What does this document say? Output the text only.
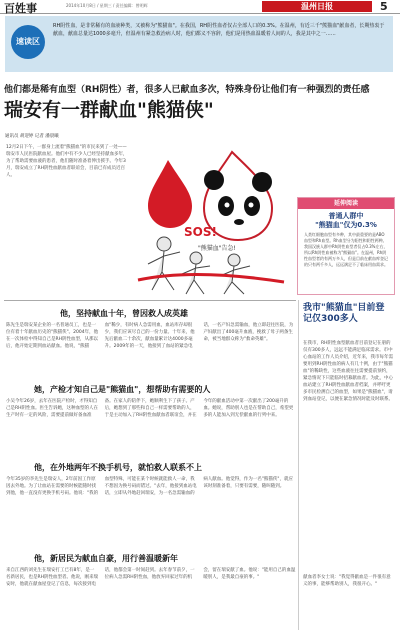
百姓事	2014年10月8日 / 星期三 / 责任编辑：曾明辉	温州日报	5
速读区
RH阴性血，是非常稀有的血液种类，又被称为"熊猫血"。在我国，RH阴性血者仅占全部人口的0.3%。在温州，有近三千"熊猫血"献血者，长期热衷于献血，献血总量达1000多毫升，但温州有紧急救治病人时，他们都义不容辞，他们是用热血温暖着人间的人，我是其中之一……
他们都是稀有血型（RH阴性）者，很多人已献血多次，特殊身份让他们有一种强烈的责任感
瑞安有一群献血"熊猫侠"
通讯员 胡迎婷 记者 潘晨曦
12月2日下午，一群身上流着"熊猫血"的市民来到了一处——瑞安市人民医院献血屋。他们中有不少人已经坚持献血多年，为了帮助需要血液的患者，他们随时准备着伸出援手。今年3月，瑞安成立了RH阴性血献血者联谊会，目前已有成员近百人。
SOS!
"熊猫血"告急!
延伸阅读
普通人群中
"熊猫血"仅为0.3%
人类红细胞血型有多种，其中最重要的是ABO血型和Rh血型。Rh血型分为阳性和阴性两种。我国汉族人群中Rh阴性血型者仅占0.3%左右，所以Rh阴性血被称为"熊猫血"。在温州，Rh阴性血型者约有两万多人，但是目前在献血库登记的只有两千多人，远远满足不了临床用血需求。
他，坚持献血十年，曾因救人成英雄
陈先生是瑞安某企业的一名普通员工，也是一位有着十年献血历史的"熊猫侠"。2004年，他在一次体检中得知自己是RH阴性血型，从那以后，他开始定期到血站献血。他说，"熊猫血"稀少，有时病人急需用血，血站库存却很少，我们应该尽自己的一份力量。十年来，他先后献血二十余次，献血量累计达4000多毫升。2009年的一天，他接到了血站的紧急电话，一名产妇急需输血，他立即赶往医院，为产妇献出了400毫升血液，挽救了母子两条生命，被当地群众称为"救命英雄"。
她，产检才知自己是"熊猫血"，想帮助有需要的人
小吴今年26岁，去年在医院产检时，才得知自己是RH阴性血。医生告诉她，这种血型的人在生产时有一定的风险，需要提前做好备血准备。在家人的陪伴下，她顺利生下了孩子。产后，她想到了那些和自己一样需要帮助的人，于是主动加入了RH阴性血献血者联谊会，并在今年的献血活动中第一次献出了200毫升的血。她说，帮助别人也是在帮助自己，希望更多的人能加入到无偿献血的行列中来。
他，在外地两年不换手机号，就怕救人联系不上
今年35岁的李先生是瑞安人，2年前因工作原因去外地。为了让血站在需要的时候能随时找到他，他一直没有更换手机号码。他说："我的血型特殊，可能在某个时候就能救人一命，我不想因为换号码而错过。"去年，他接到血站电话，立即从外地赶回瑞安，为一名急需输血的病人献血。他觉得，作为一名"熊猫侠"，就应该时刻准备着，只要有需要，随叫随到。
他，新居民为献血自豪，用行善温暖新年
来自江西的刘先生在瑞安打工已有8年，是一名新居民，也是RH阴性血型者。他说，刚来瑞安时，他就在献血屋登记了信息，每次接到电话，他都会第一时间赶到。去年春节前夕，一位病人急需RH阴性血，他放弃回家过年的机会，留在瑞安献了血。他说："能用自己的血温暖别人，是我最自豪的事。"
我市"熊猫血"目前登记仅300多人
在我市，RH阴性血型献血者目前登记在册的仅有300多人，远远不能满足临床需求。市中心血站的工作人员介绍，近年来，我市每年需要用到RH阴性血的病人有几十例，由于"熊猫血"的稀缺性，这些血液往往需要提前预约，紧急情况下只能临时招募献血者。为此，中心血站建立了RH阴性血献血者档案，并呼吁更多市民检测自己的血型，如果是"熊猫血"，请到血站登记，以便在紧急情况时能及时联系。
献血者李女士说："我觉得献血是一件很有意义的事，能够帮助别人，我很开心。"
